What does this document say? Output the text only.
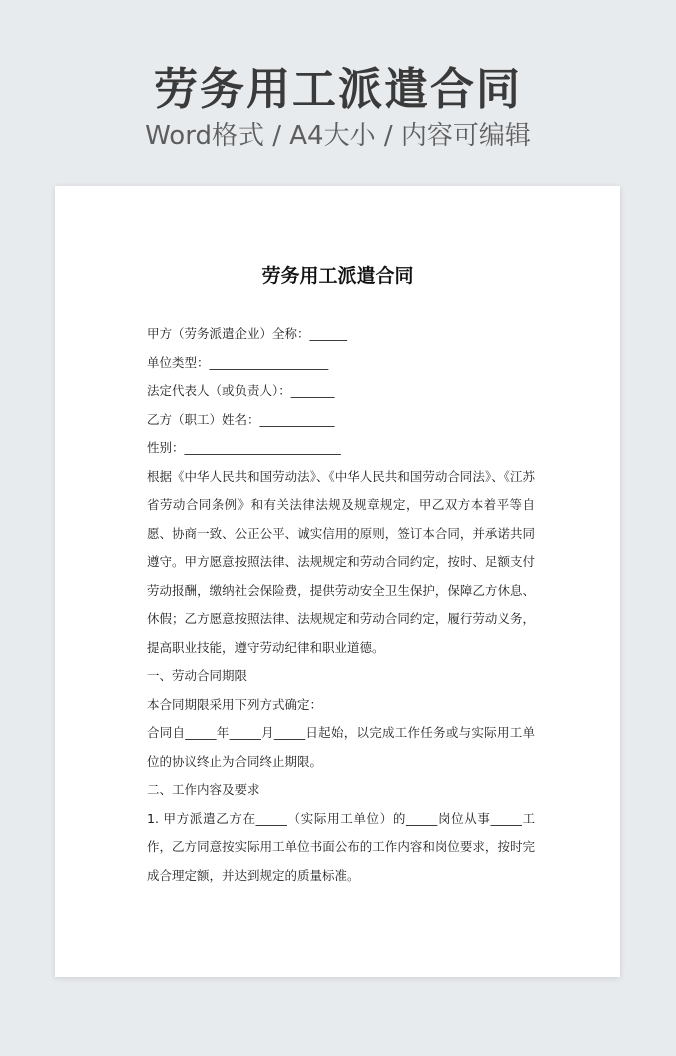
劳务用工派遣合同
Word格式 / A4大小 / 内容可编辑
劳务用工派遣合同

甲方（劳务派遣企业）全称：______

单位类型：___________________

法定代表人（或负责人）：_______

乙方（职工）姓名：____________

性别：_________________________

根据《中华人民共和国劳动法》、《中华人民共和国劳动合同法》、《江苏省劳动合同条例》和有关法律法规及规章规定，甲乙双方本着平等自愿、协商一致、公正公平、诚实信用的原则，签订本合同，并承诺共同遵守。甲方愿意按照法律、法规规定和劳动合同约定，按时、足额支付劳动报酬，缴纳社会保险费，提供劳动安全卫生保护，保障乙方休息、休假；乙方愿意按照法律、法规规定和劳动合同约定，履行劳动义务，提高职业技能，遵守劳动纪律和职业道德。

一、劳动合同期限

本合同期限采用下列方式确定：

合同自_____年_____月_____日起始，以完成工作任务或与实际用工单位的协议终止为合同终止期限。

二、工作内容及要求

1. 甲方派遣乙方在_____（实际用工单位）的_____岗位从事_____工作，乙方同意按实际用工单位书面公布的工作内容和岗位要求，按时完成合理定额，并达到规定的质量标准。
